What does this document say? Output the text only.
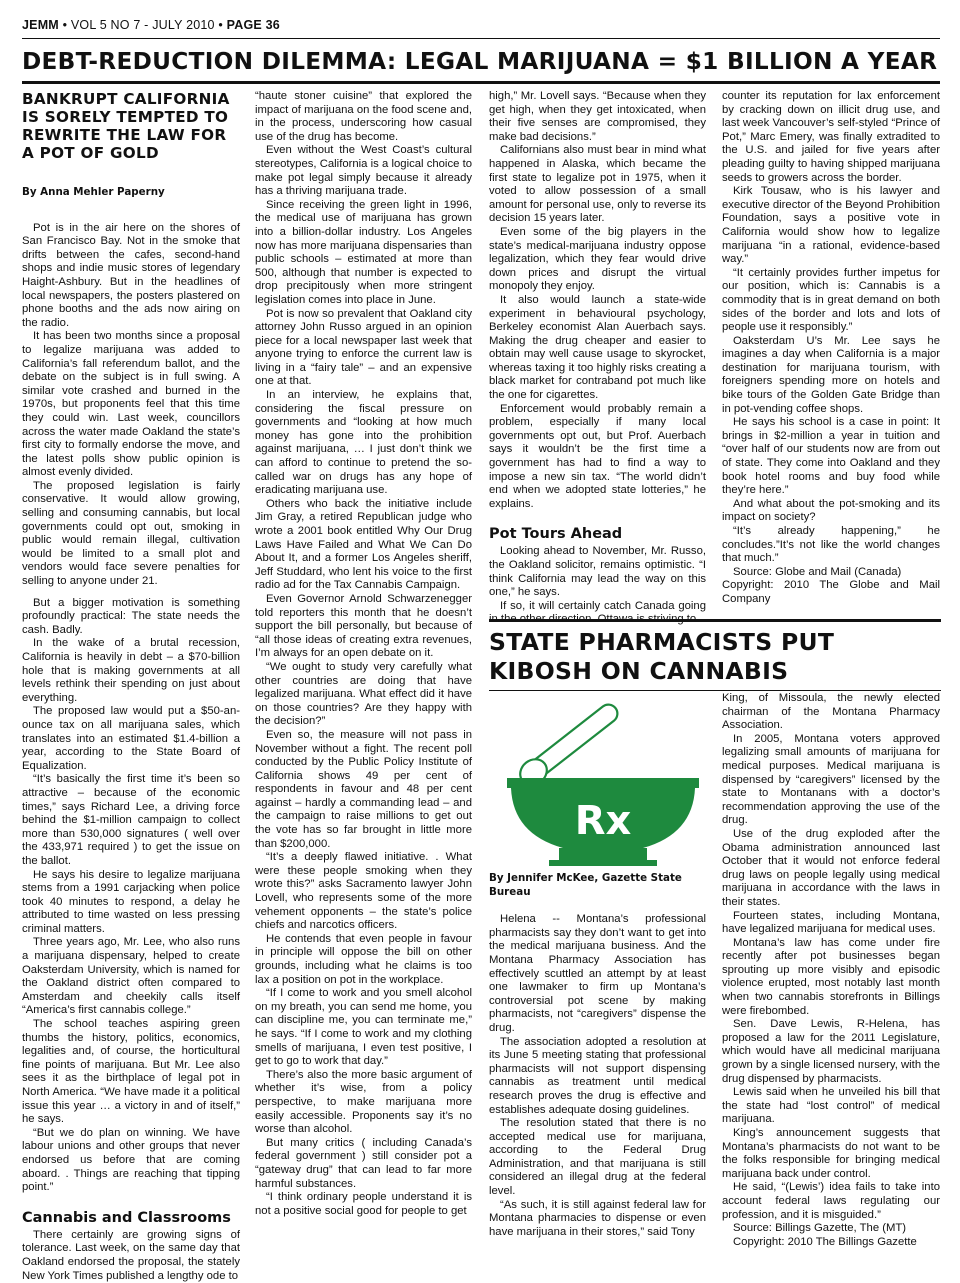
JEMM • VOL 5 NO 7 - JULY 2010 • PAGE 36
DEBT-REDUCTION DILEMMA: LEGAL MARIJUANA = $1 BILLION A YEAR
BANKRUPT CALIFORNIA IS SORELY TEMPTED TO REWRITE THE LAW FOR A POT OF GOLD
By Anna Mehler Paperny

Pot is in the air here on the shores of San Francisco Bay. Not in the smoke that drifts between the cafes, second-hand shops and indie music stores of legendary Haight-Ashbury. But in the headlines of local newspapers, the posters plastered on phone booths and the ads now airing on the radio.

It has been two months since a proposal to legalize marijuana was added to California’s fall referendum ballot, and the debate on the subject is in full swing. A similar vote crashed and burned in the 1970s, but proponents feel that this time they could win. Last week, councillors across the water made Oakland the state’s first city to formally endorse the move, and the latest polls show public opinion is almost evenly divided.

The proposed legislation is fairly conservative. It would allow growing, selling and consuming cannabis, but local governments could opt out, smoking in public would remain illegal, cultivation would be limited to a small plot and vendors would face severe penalties for selling to anyone under 21.

But a bigger motivation is something profoundly practical: The state needs the cash. Badly.

In the wake of a brutal recession, California is heavily in debt – a $70-billion hole that is making governments at all levels rethink their spending on just about everything.

The proposed law would put a $50-an-ounce tax on all marijuana sales, which translates into an estimated $1.4-billion a year, according to the State Board of Equalization.

“It’s basically the first time it’s been so attractive – because of the economic times,” says Richard Lee, a driving force behind the $1-million campaign to collect more than 530,000 signatures ( well over the 433,971 required ) to get the issue on the ballot.

He says his desire to legalize marijuana stems from a 1991 carjacking when police took 40 minutes to respond, a delay he attributed to time wasted on less pressing criminal matters.

Three years ago, Mr. Lee, who also runs a marijuana dispensary, helped to create Oaksterdam University, which is named for the Oakland district often compared to Amsterdam and cheekily calls itself “America’s first cannabis college.”

The school teaches aspiring green thumbs the history, politics, economics, legalities and, of course, the horticultural fine points of marijuana. But Mr. Lee also sees it as the birthplace of legal pot in North America. “We have made it a political issue this year … a victory in and of itself,” he says.

“But we do plan on winning. We have labour unions and other groups that never endorsed us before that are coming aboard. . Things are reaching that tipping point.”

Cannabis and Classrooms

There certainly are growing signs of tolerance. Last week, on the same day that Oakland endorsed the proposal, the stately New York Times published a lengthy ode to

“haute stoner cuisine” that explored the impact of marijuana on the food scene and, in the process, underscoring how casual use of the drug has become.

Even without the West Coast’s cultural stereotypes, California is a logical choice to make pot legal simply because it already has a thriving marijuana trade.

Since receiving the green light in 1996, the medical use of marijuana has grown into a billion-dollar industry. Los Angeles now has more marijuana dispensaries than public schools – estimated at more than 500, although that number is expected to drop precipitously when more stringent legislation comes into place in June.

Pot is now so prevalent that Oakland city attorney John Russo argued in an opinion piece for a local newspaper last week that anyone trying to enforce the current law is living in a “fairy tale” – and an expensive one at that.

In an interview, he explains that, considering the fiscal pressure on governments and “looking at how much money has gone into the prohibition against marijuana, … I just don’t think we can afford to continue to pretend the so-called war on drugs has any hope of eradicating marijuana use.

Others who back the initiative include Jim Gray, a retired Republican judge who wrote a 2001 book entitled Why Our Drug Laws Have Failed and What We Can Do About It, and a former Los Angeles sheriff, Jeff Studdard, who lent his voice to the first radio ad for the Tax Cannabis Campaign.

Even Governor Arnold Schwarzenegger told reporters this month that he doesn’t support the bill personally, but because of “all those ideas of creating extra revenues, I’m always for an open debate on it.

“We ought to study very carefully what other countries are doing that have legalized marijuana. What effect did it have on those countries? Are they happy with the decision?”

Even so, the measure will not pass in November without a fight. The recent poll conducted by the Public Policy Institute of California shows 49 per cent of respondents in favour and 48 per cent against – hardly a commanding lead – and the campaign to raise millions to get out the vote has so far brought in little more than $200,000.

“It’s a deeply flawed initiative. . What were these people smoking when they wrote this?” asks Sacramento lawyer John Lovell, who represents some of the more vehement opponents – the state’s police chiefs and narcotics officers.

He contends that even people in favour in principle will oppose the bill on other grounds, including what he claims is too lax a position on pot in the workplace.

“If I come to work and you smell alcohol on my breath, you can send me home, you can discipline me, you can terminate me,” he says. “If I come to work and my clothing smells of marijuana, I even test positive, I get to go to work that day.”

There’s also the more basic argument of whether it’s wise, from a policy perspective, to make marijuana more easily accessible. Proponents say it’s no worse than alcohol.

But many critics ( including Canada’s federal government ) still consider pot a “gateway drug” that can lead to far more harmful substances.

“I think ordinary people understand it is not a positive social good for people to get

high,” Mr. Lovell says. “Because when they get high, when they get intoxicated, when their five senses are compromised, they make bad decisions.”

Californians also must bear in mind what happened in Alaska, which became the first state to legalize pot in 1975, when it voted to allow possession of a small amount for personal use, only to reverse its decision 15 years later.

Even some of the big players in the state’s medical-marijuana industry oppose legalization, which they fear would drive down prices and disrupt the virtual monopoly they enjoy.

It also would launch a state-wide experiment in behavioural psychology, Berkeley economist Alan Auerbach says. Making the drug cheaper and easier to obtain may well cause usage to skyrocket, whereas taxing it too highly risks creating a black market for contraband pot much like the one for cigarettes.

Enforcement would probably remain a problem, especially if many local governments opt out, but Prof. Auerbach says it wouldn’t be the first time a government has had to find a way to impose a new sin tax. “The world didn’t end when we adopted state lotteries,” he explains.

Pot Tours Ahead

Looking ahead to November, Mr. Russo, the Oakland solicitor, remains optimistic. “I think California may lead the way on this one,” he says.

If so, it will certainly catch Canada going in the other direction. Ottawa is striving to

counter its reputation for lax enforcement by cracking down on illicit drug use, and last week Vancouver’s self-styled “Prince of Pot,” Marc Emery, was finally extradited to the U.S. and jailed for five years after pleading guilty to having shipped marijuana seeds to growers across the border.

Kirk Tousaw, who is his lawyer and executive director of the Beyond Prohibition Foundation, says a positive vote in California would show how to legalize marijuana “in a rational, evidence-based way.”

“It certainly provides further impetus for our position, which is: Cannabis is a commodity that is in great demand on both sides of the border and lots and lots of people use it responsibly.”

Oaksterdam U’s Mr. Lee says he imagines a day when California is a major destination for marijuana tourism, with foreigners spending more on hotels and bike tours of the Golden Gate Bridge than in pot-vending coffee shops.

He says his school is a case in point: It brings in $2-million a year in tuition and “over half of our students now are from out of state. They come into Oakland and they book hotel rooms and buy food while they’re here.”

And what about the pot-smoking and its impact on society?

“It’s already happening,” he concludes.”It’s not like the world changes that much.”

Source: Globe and Mail (Canada)

Copyright: 2010 The Globe and Mail Company

STATE PHARMACISTS PUT KIBOSH ON CANNABIS
Rx
By Jennifer McKee, Gazette State Bureau

Helena -- Montana’s professional pharmacists say they don’t want to get into the medical marijuana business. And the Montana Pharmacy Association has effectively scuttled an attempt by at least one lawmaker to firm up Montana’s controversial pot scene by making pharmacists, not “caregivers” dispense the drug.

The association adopted a resolution at its June 5 meeting stating that professional pharmacists will not support dispensing cannabis as treatment until medical research proves the drug is effective and establishes adequate dosing guidelines.

The resolution stated that there is no accepted medical use for marijuana, according to the Federal Drug Administration, and that marijuana is still considered an illegal drug at the federal level.

“As such, it is still against federal law for Montana pharmacies to dispense or even have marijuana in their stores,” said Tony

King, of Missoula, the newly elected chairman of the Montana Pharmacy Association.

In 2005, Montana voters approved legalizing small amounts of marijuana for medical purposes. Medical marijuana is dispensed by “caregivers” licensed by the state to Montanans with a doctor’s recommendation approving the use of the drug.

Use of the drug exploded after the Obama administration announced last October that it would not enforce federal drug laws on people legally using medical marijuana in accordance with the laws in their states.

Fourteen states, including Montana, have legalized marijuana for medical uses.

Montana’s law has come under fire recently after pot businesses began sprouting up more visibly and episodic violence erupted, most notably last month when two cannabis storefronts in Billings were firebombed.

Sen. Dave Lewis, R-Helena, has proposed a law for the 2011 Legislature, which would have all medicinal marijuana grown by a single licensed nursery, with the drug dispensed by pharmacists.

Lewis said when he unveiled his bill that the state had “lost control” of medical marijuana.

King’s announcement suggests that Montana’s pharmacists do not want to be the folks responsible for bringing medical marijuana back under control.

He said, “(Lewis’) idea fails to take into account federal laws regulating our profession, and it is misguided.”

Source: Billings Gazette, The (MT)

Copyright: 2010 The Billings Gazette
